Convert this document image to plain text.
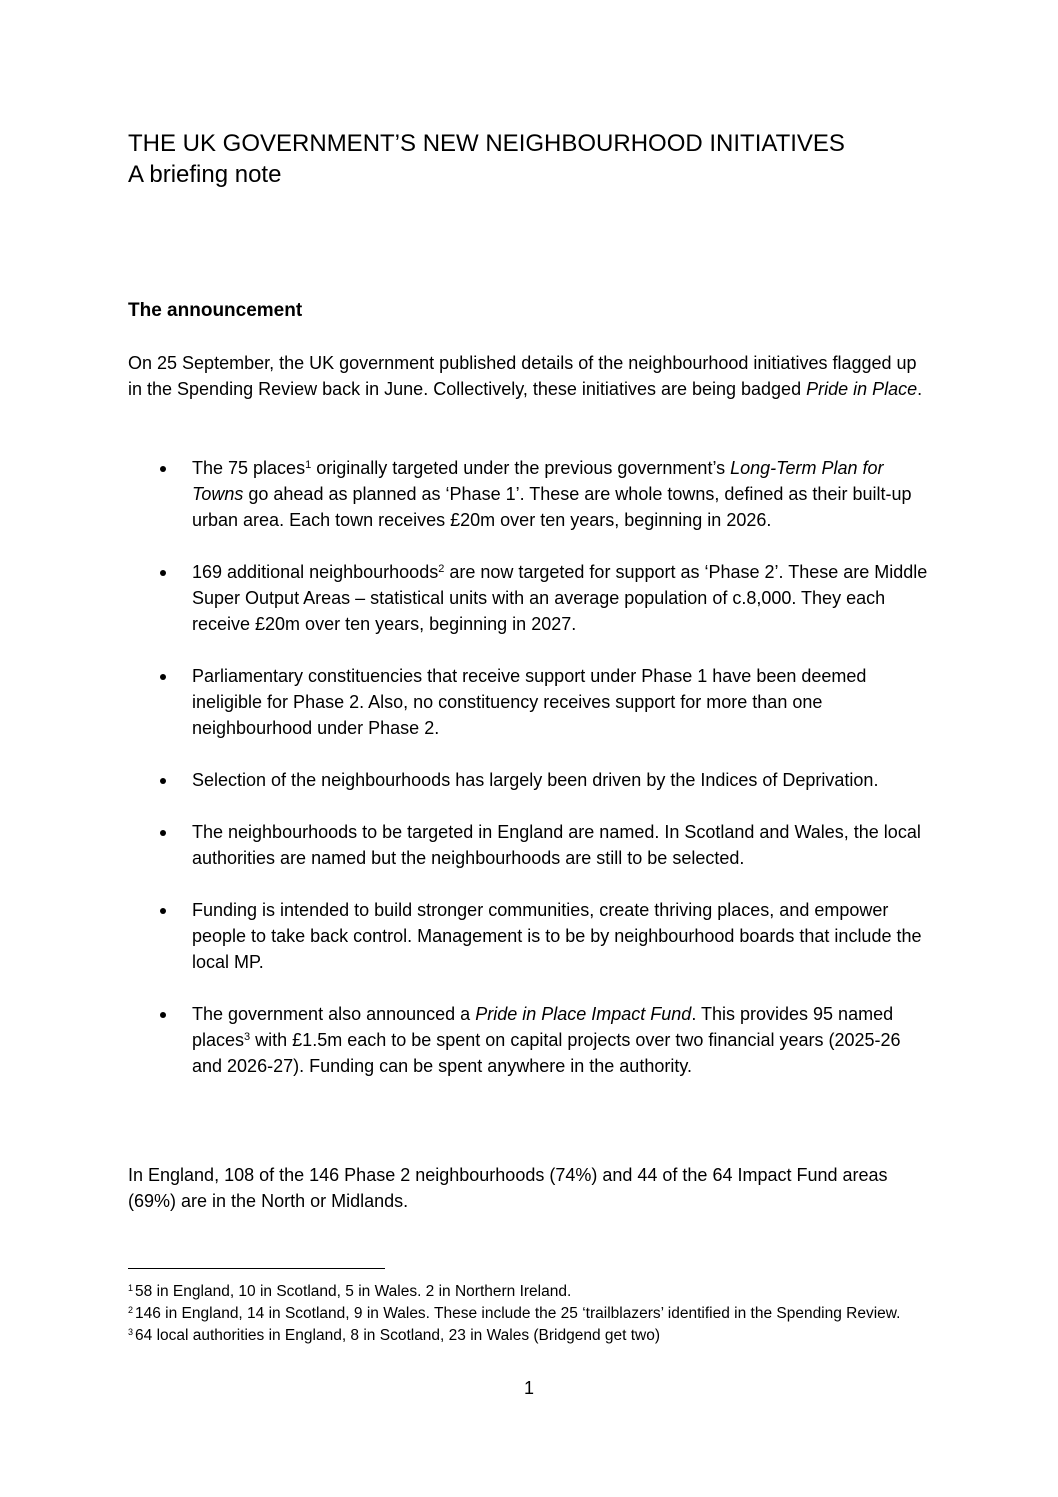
THE UK GOVERNMENT’S NEW NEIGHBOURHOOD INITIATIVES
A briefing note
The announcement

On 25 September, the UK government published details of the neighbourhood initiatives flagged up in the Spending Review back in June. Collectively, these initiatives are being badged Pride in Place.

The 75 places$^1$ originally targeted under the previous government’s Long-Term Plan for Towns go ahead as planned as ‘Phase 1’. These are whole towns, defined as their built-up urban area. Each town receives £20m over ten years, beginning in 2026.
169 additional neighbourhoods$^2$ are now targeted for support as ‘Phase 2’. These are Middle Super Output Areas – statistical units with an average population of c.8,000. They each receive £20m over ten years, beginning in 2027.
Parliamentary constituencies that receive support under Phase 1 have been deemed ineligible for Phase 2. Also, no constituency receives support for more than one neighbourhood under Phase 2.
Selection of the neighbourhoods has largely been driven by the Indices of Deprivation.
The neighbourhoods to be targeted in England are named. In Scotland and Wales, the local authorities are named but the neighbourhoods are still to be selected.
Funding is intended to build stronger communities, create thriving places, and empower people to take back control. Management is to be by neighbourhood boards that include the local MP.
The government also announced a Pride in Place Impact Fund. This provides 95 named places$^3$ with £1.5m each to be spent on capital projects over two financial years (2025-26 and 2026-27). Funding can be spent anywhere in the authority.

In England, 108 of the 146 Phase 2 neighbourhoods (74%) and 44 of the 64 Impact Fund areas (69%) are in the North or Midlands.

$^1$ 58 in England, 10 in Scotland, 5 in Wales. 2 in Northern Ireland.

$^2$ 146 in England, 14 in Scotland, 9 in Wales. These include the 25 ‘trailblazers’ identified in the Spending Review.

$^3$ 64 local authorities in England, 8 in Scotland, 23 in Wales (Bridgend get two)

1
